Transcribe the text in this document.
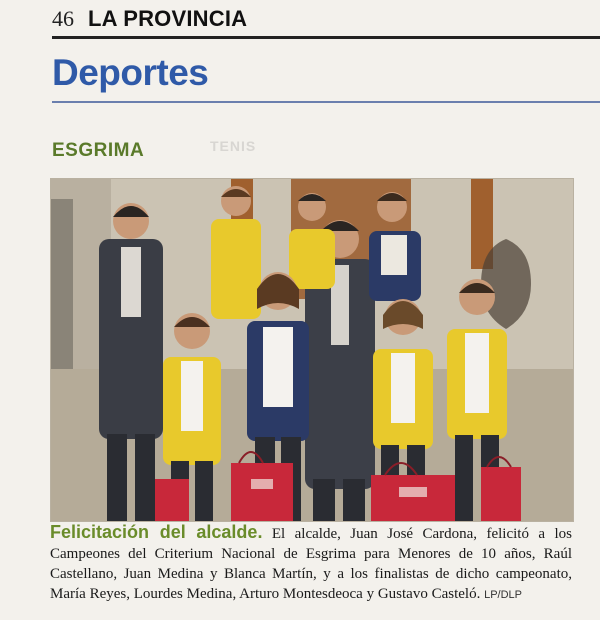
46 LA PROVINCIA
Deportes
ESGRIMA	TENIS
Felicitación del alcalde. El alcalde, Juan José Cardona, felicitó a los Campeones del Criterium Nacional de Esgrima para Menores de 10 años, Raúl Castellano, Juan Medina y Blanca Martín, y a los finalistas de dicho campeonato, María Reyes, Lourdes Medina, Arturo Montesdeoca y Gustavo Casteló. LP/DLP
